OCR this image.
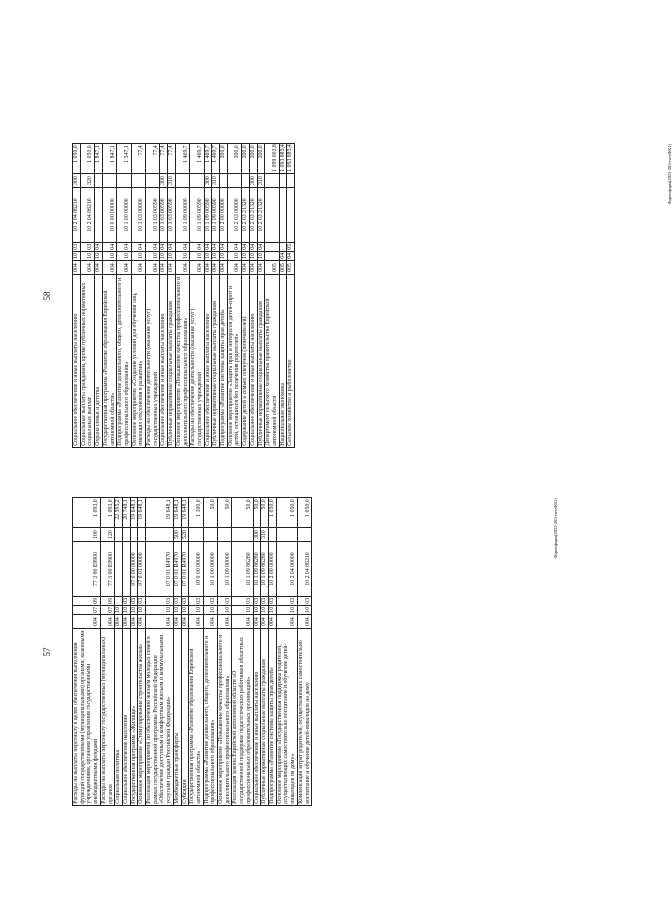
57	Расходы на выплаты персоналу в целях обеспечения выполнения функций государственными (муниципальными) органами, казенными учреждениями, органами управления государственными внебюджетными фондами	004	07	09	77 3 00 Е9900	100	1 093,0
Расходы на выплаты персоналу государственных (муниципальных) органов	004	07	09	77 3 00 Е9900	120	1 093,0
Социальная политика	004	10				22 595,2
Социальное обеспечение населения	004	10	03			20 748,1
Государственная программа «Жилище»	004	10	03	07 0 00 00000		19 648,1
Основное мероприятие «Стимулирование строительства жилья»	004	10	03	07 0 01 00000		19 648,1
Реализация мероприятий по обеспечению жильем молодых семей в рамках государственной программы Российской Федерации «Обеспечение доступным и комфортным жильем и коммунальными услугами граждан Российской Федерации»	004	10	03	07 0 01 R4970		19 648,1
Межбюджетные трансферты	004	10	03	07 0 01 R4970	500	19 648,1
Субсидии	004	10	03	07 0 01 R4970	520	19 648,1
Государственная программа «Развитие образования Еврейской автономной области»	004	10	03	10 0 00 00000		1 100,0
Подпрограмма «Развитие дошкольного, общего, дополнительного и профессионального образования»	004	10	03	10 1 00 00000		50,0
Основное мероприятие «Повышение качества профессионального и дополнительного профессионального образования»	004	10	03	10 1 09 00000		50,0
Реализация закона Еврейской автономной области «О государственной поддержке педагогических работников областных профессиональных образовательных организаций»	004	10	03	10 1 09 86280		50,0
Социальное обеспечение и иные выплаты населению	004	10	03	10 1 09 86280	300	50,0
Публичные нормативные социальные выплаты гражданам	004	10	03	10 1 09 86280	310	50,0
Подпрограмма «Развитие системы защиты прав детей»	004	10	03	10 2 00 00000		1 050,0
Основное мероприятие «Государственная поддержка родителей, осуществляющих самостоятельно воспитание и обучение детей-инвалидов на дому»	004	10	03	10 2 04 00000		1 050,0
Компенсация затрат родителей, осуществляющих самостоятельно воспитание и обучение детей-инвалидов на дому	004	10	03	10 2 04 86210		1 050,0	Фаренформ(2022-285-гя-оФК1)
58
Социальное обеспечение и иные выплаты населению	004	10	03	10 2 04 86210	300	1 050,0
Социальные выплаты гражданам, кроме публичных нормативных социальных выплат	004	10	03	10 2 04 86210	320	1 050,0
Охрана семьи и детства	004	10	04			1 847,1
Государственная программа «Развитие образования Еврейской автономной области»	004	10	04	10 0 00 00000		1 847,1
Подпрограмма «Развитие дошкольного, общего, дополнительного и профессионального образования»	004	10	04	10 1 00 00000		1 547,1
Основное мероприятие «Создание условий для обучения лиц, имеющих отклонения в развитии»	004	10	04	10 1 03 00000		77,4
Расходы на обеспечение деятельности (оказание услуг) государственных учреждений	004	10	04	10 1 03 00590		77,4
Социальное обеспечение и иные выплаты населению	004	10	04	10 1 03 00590	300	77,4
Публичные нормативные социальные выплаты гражданам	004	10	04	10 1 03 00590	310	77,4
Основное мероприятие «Повышение качества профессионального и дополнительного профессионального образования»	004	10	04	10 1 09 00000		1 469,7
Расходы на обеспечение деятельности (оказание услуг) государственных учреждений	004	10	04	10 1 09 00590		1 469,7
Социальное обеспечение и иные выплаты населению	004	10	04	10 1 09 00590	300	1 469,7
Публичные нормативные социальные выплаты гражданам	004	10	04	10 1 09 00590	310	1 469,7
Подпрограмма «Развитие системы защиты прав детей»	004	10	04	10 2 00 00000		300,0
Основное мероприятие «Защита прав и интересов детей-сирот и детей, оставшихся без попечения родителей»	004	10	04	10 2 03 00000		300,0
Содержание детей в семьях опекунов (попечителей)	004	10	04	10 2 03 21320		300,0
Социальное обеспечение и иные выплаты населению	004	10	04	10 2 03 21320	300	300,0
Публичные нормативные социальные выплаты гражданам	004	10	04	10 2 03 21320	310	300,0
Департамент сельского хозяйства правительства Еврейской автономной области	005					1 099 002,8
Национальная экономика	005	04				1 093 885,4
Сельское хозяйство и рыболовство	005	04	05			1 093 885,4	Фаренформ(2022-285-гя-оФК1)
